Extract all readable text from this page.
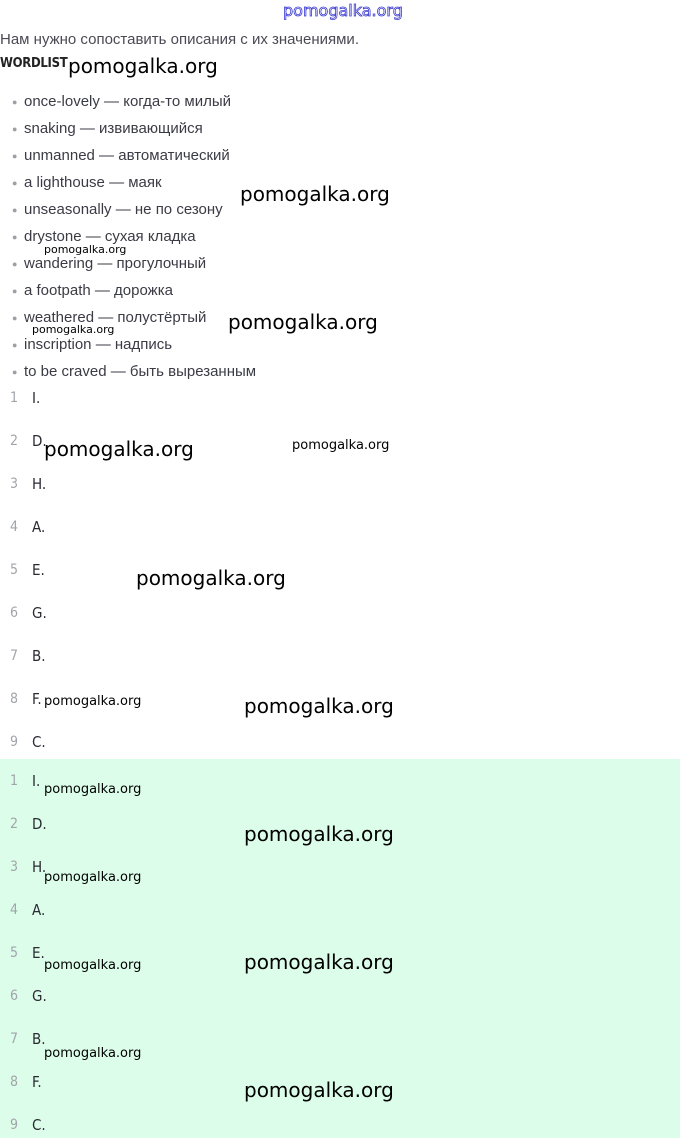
pomogalka.org
Нам нужно сопоставить описания с их значениями.
WORDLIST
● once-lovely — когда-то милый
● snaking — извивающийся
● unmanned — автоматический
● a lighthouse — маяк
● unseasonally — не по сезону
● drystone — сухая кладка
● wandering — прогулочный
● a footpath — дорожка
● weathered — полустёртый
● inscription — надпись
● to be craved — быть вырезанным
1 I.
2 D.
3 H.
4 A.
5 E.
6 G.
7 B.
8 F.
9 C.
1 I.
2 D.
3 H.
4 A.
5 E.
6 G.
7 B.
8 F.
9 C.
pomogalka.org
pomogalka.org
pomogalka.org
pomogalka.org
pomogalka.org
pomogalka.org	pomogalka.org
pomogalka.org
pomogalka.org	pomogalka.org
pomogalka.org
pomogalka.org
pomogalka.org
pomogalka.org
pomogalka.org
pomogalka.org
pomogalka.org
